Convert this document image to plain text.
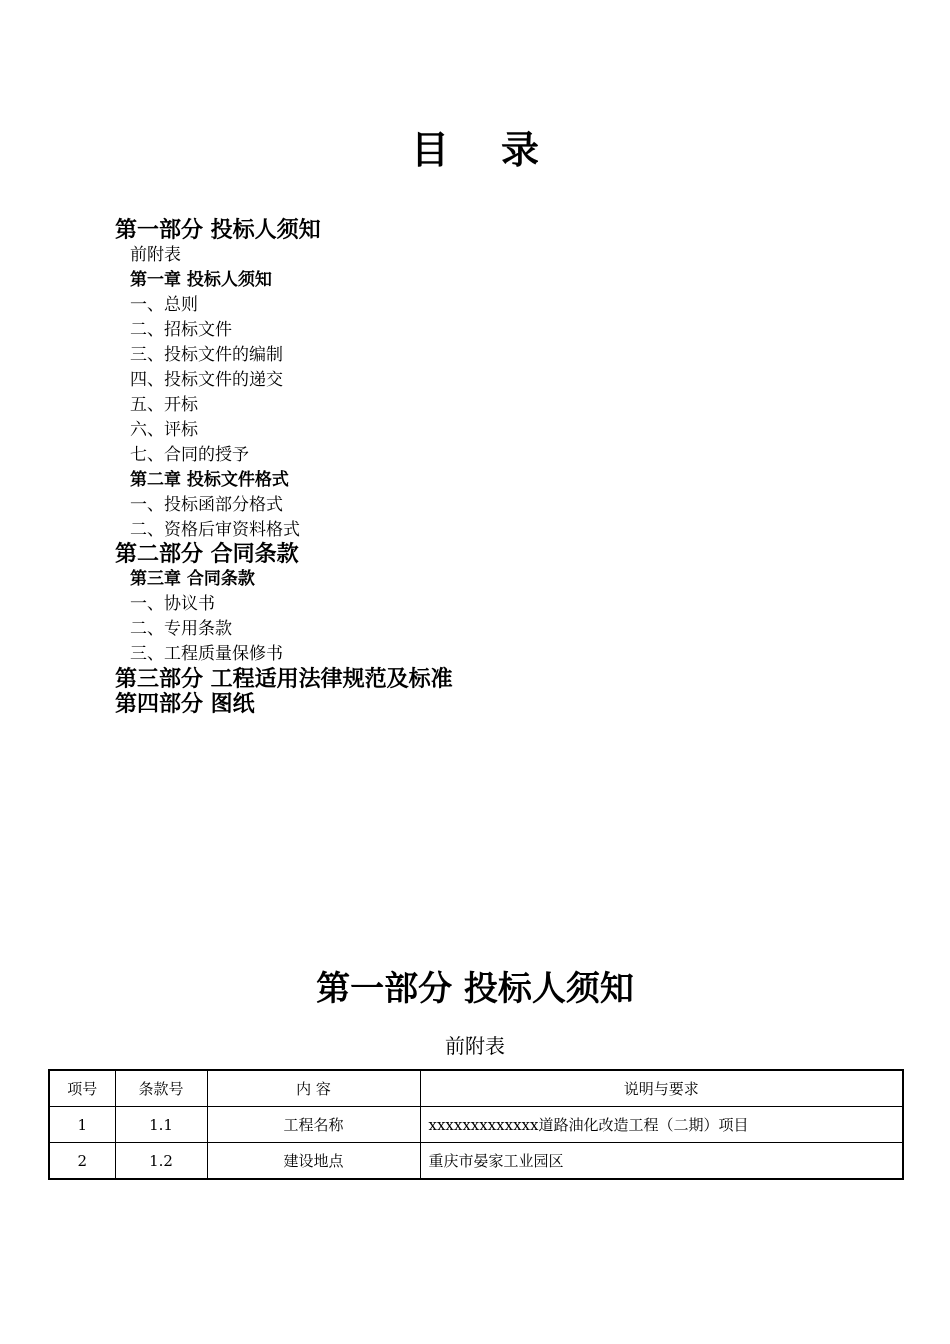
目 录
第一部分 投标人须知
前附表
第一章 投标人须知
一、总则
二、招标文件
三、投标文件的编制
四、投标文件的递交
五、开标
六、评标
七、合同的授予
第二章 投标文件格式
一、投标函部分格式
二、资格后审资料格式
第二部分 合同条款
第三章 合同条款
一、协议书
二、专用条款
三、工程质量保修书
第三部分 工程适用法律规范及标准
第四部分 图纸
第一部分 投标人须知
前附表
项号	条款号	内 容	说明与要求
1	1.1	工程名称	xxxxxxxxxxxxx道路油化改造工程（二期）项目
2	1.2	建设地点	重庆市晏家工业园区
